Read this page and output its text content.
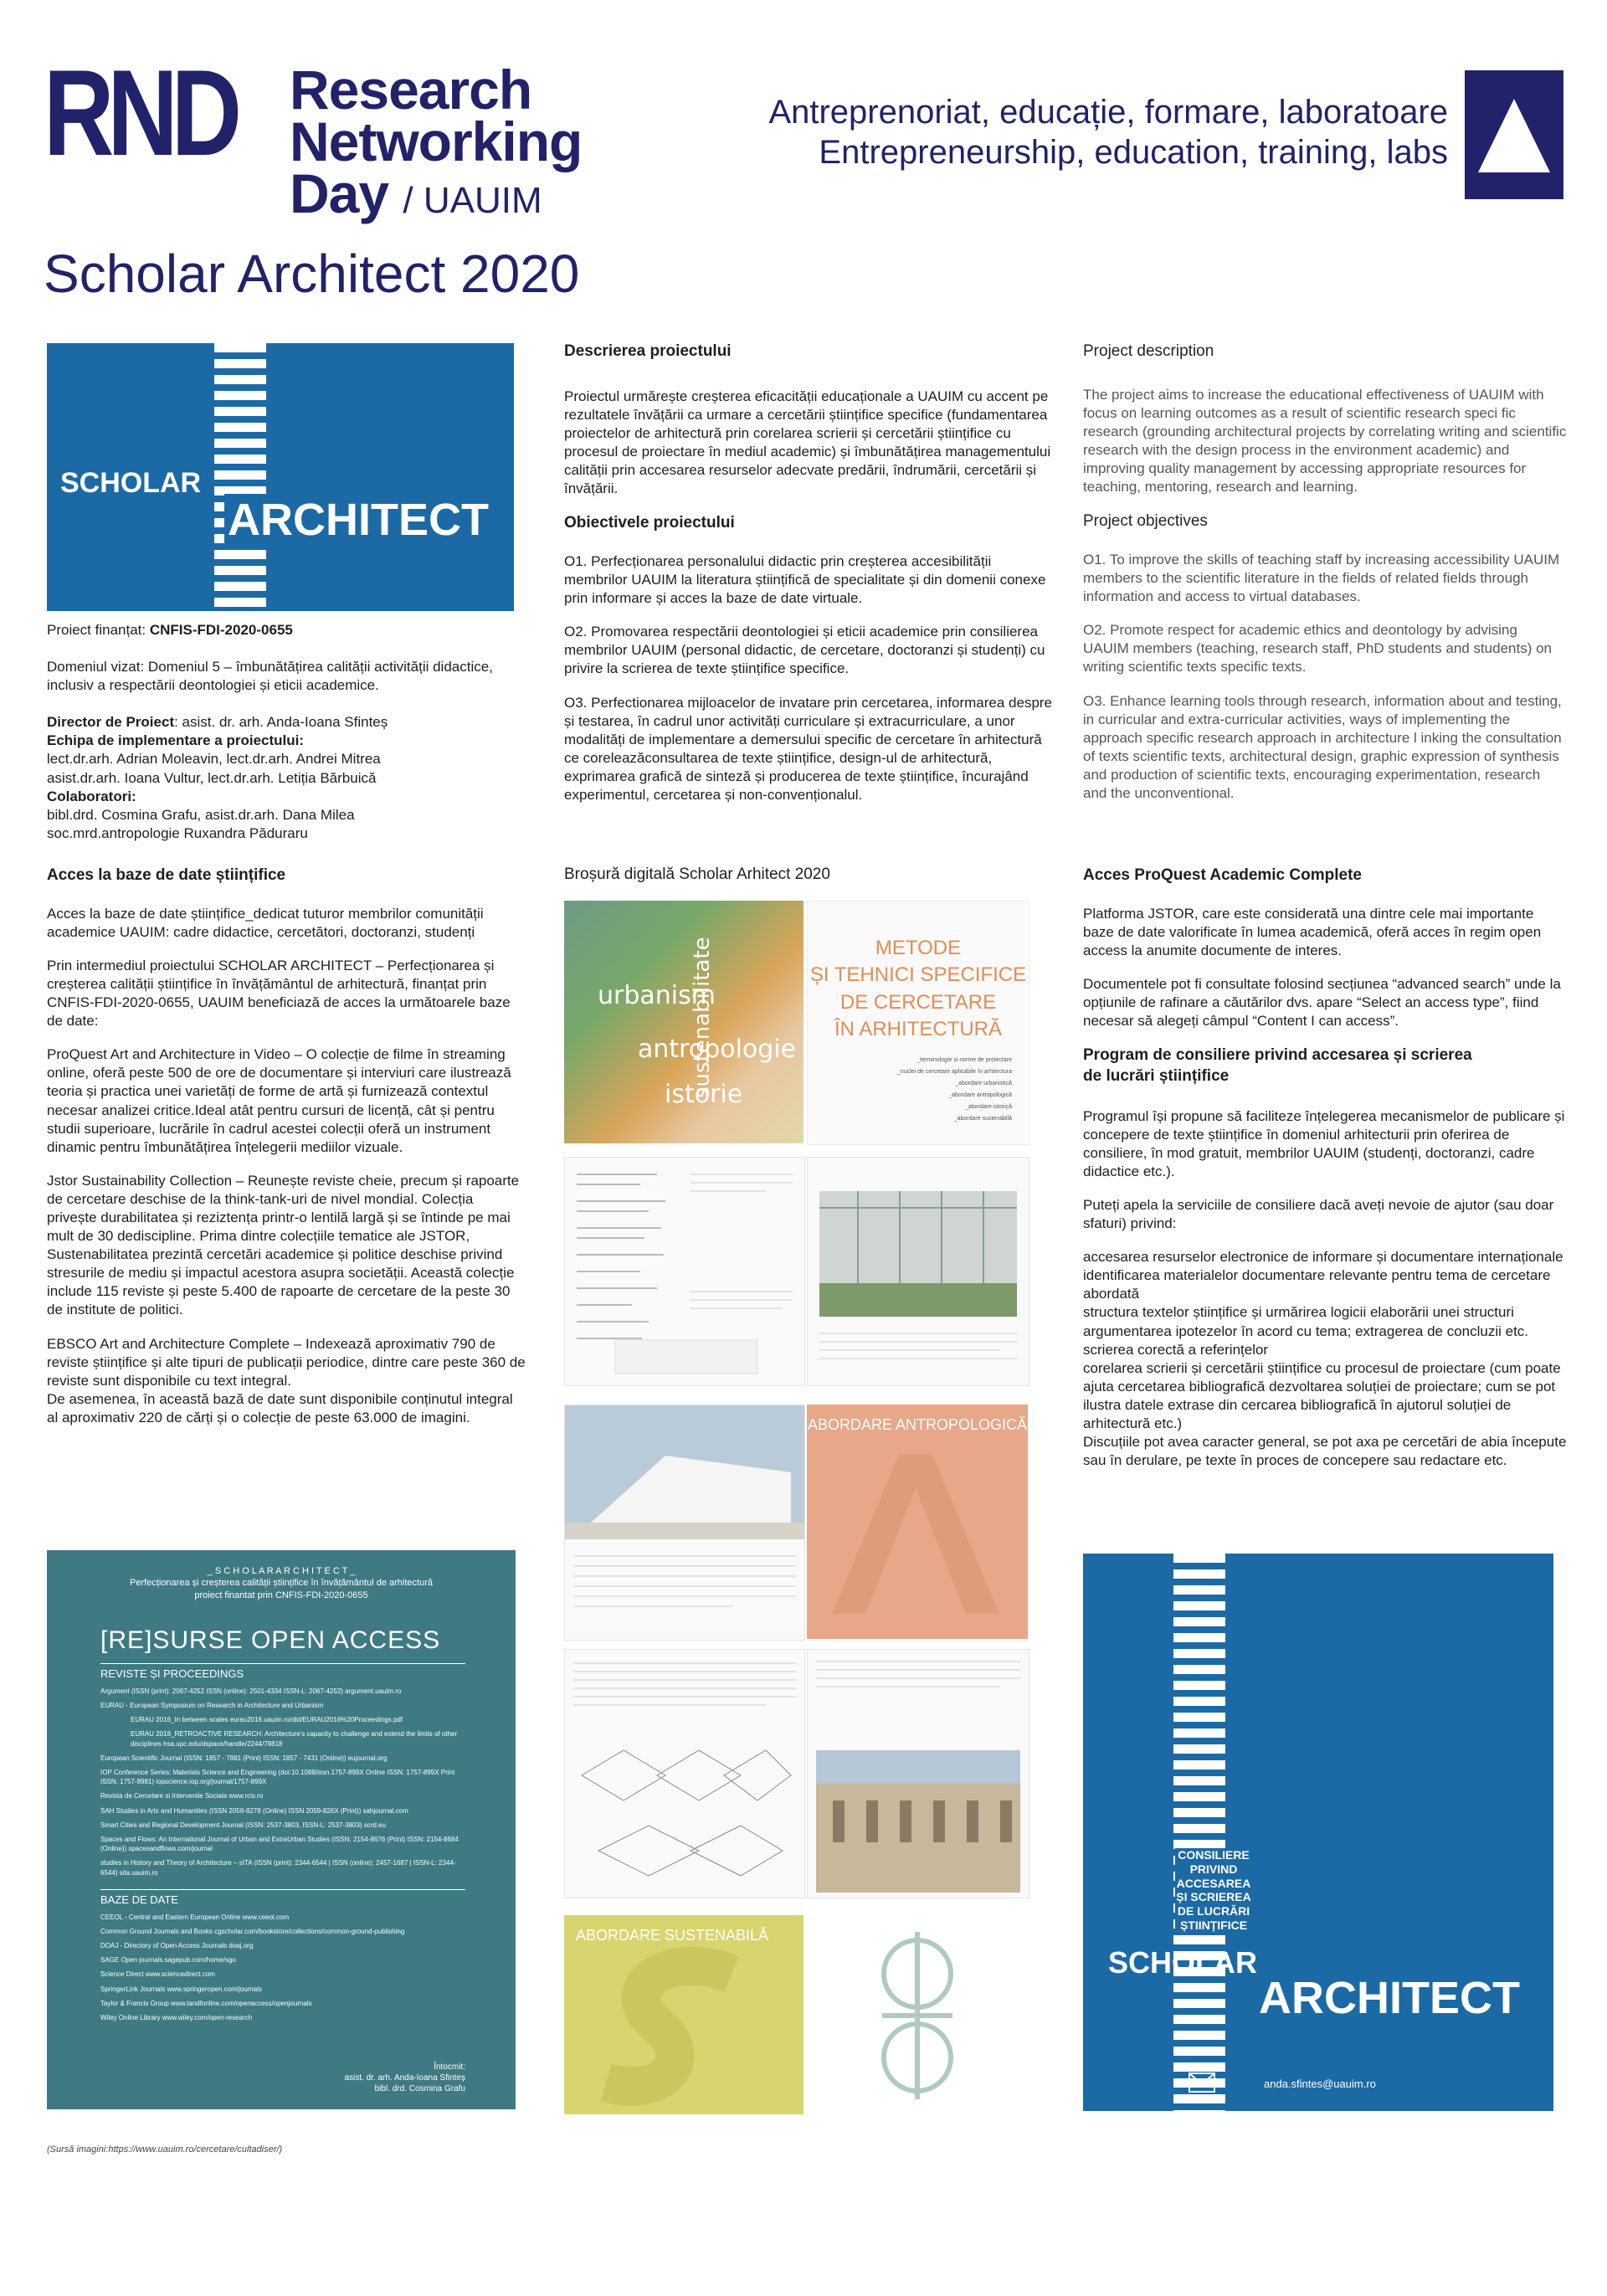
RND Research
Networking
Day / UAUIM
Antreprenoriat, educație, formare, laboratoare
Entrepreneurship, education, training, labs
Scholar Architect 2020
SCHOLAR
ARCHITECT

Proiect finanțat: CNFIS-FDI-2020-0655

Domeniul vizat: Domeniul 5 – îmbunătățirea calității activității didactice, inclusiv a respectării deontologiei și eticii academice.

Director de Proiect: asist. dr. arh. Anda-Ioana Sfinteș

Echipa de implementare a proiectului:

lect.dr.arh. Adrian Moleavin, lect.dr.arh. Andrei Mitrea

asist.dr.arh. Ioana Vultur, lect.dr.arh. Letiția Bărbuică

Colaboratori:

bibl.drd. Cosmina Grafu, asist.dr.arh. Dana Milea

soc.mrd.antropologie Ruxandra Păduraru

Descrierea proiectului

Proiectul urmărește creșterea eficacității educaționale a UAUIM cu accent pe rezultatele învățării ca urmare a cercetării științifice specifice (fundamentarea proiectelor de arhitectură prin corelarea scrierii și cercetării științifice cu procesul de proiectare în mediul academic) și îmbunătățirea managementului calității prin accesarea resurselor adecvate predării, îndrumării, cercetării și învățării.

Obiectivele proiectului

O1. Perfecționarea personalului didactic prin creșterea accesibilității membrilor UAUIM la literatura științifică de specialitate și din domenii conexe prin informare și acces la baze de date virtuale.

O2. Promovarea respectării deontologiei și eticii academice prin consilierea membrilor UAUIM (personal didactic, de cercetare, doctoranzi și studenți) cu privire la scrierea de texte științifice specifice.

O3. Perfectionarea mijloacelor de invatare prin cercetarea, informarea despre și testarea, în cadrul unor activități curriculare și extracurriculare, a unor modalități de implementare a demersului specific de cercetare în arhitectură ce coreleazăconsultarea de texte științifice, design-ul de arhitectură, exprimarea grafică de sinteză și producerea de texte științifice, încurajând experimentul, cercetarea și non-convenționalul.

Project description

The project aims to increase the educational effectiveness of UAUIM with focus on learning outcomes as a result of scientific research speci fic research (grounding architectural projects by correlating writing and scientific research with the design process in the environment academic) and improving quality management by accessing appropriate resources for teaching, mentoring, research and learning.

Project objectives

O1. To improve the skills of teaching staff by increasing accessibility UAUIM members to the scientific literature in the fields of related fields through information and access to virtual databases.

O2. Promote respect for academic ethics and deontology by advising UAUIM members (teaching, research staff, PhD students and students) on writing scientific texts specific texts.

O3. Enhance learning tools through research, information about and testing, in curricular and extra-curricular activities, ways of implementing the approach specific research approach in architecture l inking the consultation of texts scientific texts, architectural design, graphic expression of synthesis and production of scientific texts, encouraging experimentation, research and the unconventional.

Acces la baze de date științifice

Acces la baze de date științifice_dedicat tuturor membrilor comunității academice UAUIM: cadre didactice, cercetători, doctoranzi, studenți

Prin intermediul proiectului SCHOLAR ARCHITECT – Perfecționarea și creșterea calității științifice în învățământul de arhitectură, finanțat prin CNFIS-FDI-2020-0655, UAUIM beneficiază de acces la următoarele baze de date:

ProQuest Art and Architecture in Video – O colecție de filme în streaming online, oferă peste 500 de ore de documentare și interviuri care ilustrează teoria și practica unei varietăți de forme de artă și furnizează contextul necesar analizei critice.Ideal atât pentru cursuri de licență, cât și pentru studii superioare, lucrările în cadrul acestei colecții oferă un instrument dinamic pentru îmbunătățirea înțelegerii mediilor vizuale.

Jstor Sustainability Collection – Reunește reviste cheie, precum și rapoarte de cercetare deschise de la think-tank-uri de nivel mondial. Colecția privește durabilitatea și reziztența printr-o lentilă largă și se întinde pe mai mult de 30 dediscipline. Prima dintre colecțiile tematice ale JSTOR, Sustenabilitatea prezintă cercetări academice și politice deschise privind stresurile de mediu și impactul acestora asupra societății. Această colecție include 115 reviste și peste 5.400 de rapoarte de cercetare de la peste 30 de institute de politici.

EBSCO Art and Architecture Complete – Indexează aproximativ 790 de reviste științifice și alte tipuri de publicații periodice, dintre care peste 360 de reviste sunt disponibile cu text integral.

De asemenea, în această bază de date sunt disponibile conținutul integral al aproximativ 220 de cărți și o colecție de peste 63.000 de imagini.

Broșură digitală Scholar Arhitect 2020
urbanism
antropologie
istorie
sustenabilitate	METODE
ȘI TEHNICI SPECIFICE
DE CERCETARE
ÎN ARHITECTURĂ
_terminologie și norme de proiectare
_nuclei de cercetare aplicabile în arhitectura
_abordare urbanistică
_abordare antropologică
_abordare istorică
_abordare sustenabilă
ABORDARE ANTROPOLOGICĂ
ABORDARE SUSTENABILĂ

Acces ProQuest Academic Complete

Platforma JSTOR, care este considerată una dintre cele mai importante baze de date valorificate în lumea academică, oferă acces în regim open access la anumite documente de interes.

Documentele pot fi consultate folosind secțiunea “advanced search” unde la opțiunile de rafinare a căutărilor dvs. apare “Select an access type”, fiind necesar să alegeți câmpul “Content I can access”.

Program de consiliere privind accesarea și scrierea
de lucrări științifice

Programul își propune să faciliteze înțelegerea mecanismelor de publicare și concepere de texte științifice în domeniul arhitecturii prin oferirea de consiliere, în mod gratuit, membrilor UAUIM (studenți, doctoranzi, cadre didactice etc.).

Puteți apela la serviciile de consiliere dacă aveți nevoie de ajutor (sau doar sfaturi) privind:

accesarea resurselor electronice de informare și documentare internaționale
identificarea materialelor documentare relevante pentru tema de cercetare abordată
structura textelor științifice și urmărirea logicii elaborării unei structuri argumentarea ipotezelor în acord cu tema; extragerea de concluzii etc.
scrierea corectă a referințelor
corelarea scrierii și cercetării științifice cu procesul de proiectare (cum poate ajuta cercetarea bibliografică dezvoltarea soluției de proiectare; cum se pot ilustra datele extrase din cercarea bibliografică în ajutorul soluției de arhitectură etc.)
Discuțiile pot avea caracter general, se pot axa pe cercetări de abia începute sau în derulare, pe texte în proces de concepere sau redactare etc.
_ S C H O L A R A R C H I T E C T _
Perfecționarea și creșterea calității științifice în învățământul de arhitectură
proiect finantat prin CNFIS-FDI-2020-0655
[RE]SURSE OPEN ACCESS
REVISTE ȘI PROCEEDINGS
Argument (ISSN (print): 2067-4252 ISSN (online): 2501-4334 ISSN-L: 2067-4252) argument.uauim.ro
EURAU - European Symposium on Research in Architecture and Urbanism
EURAU 2016_In between scales eurau2016.uauim.ro/dld/EURAU2016%20Proceedings.pdf
EURAU 2018_RETROACTIVE RESEARCH: Architecture's capacity to challenge and extend the limits of other disciplines hsa.upc.edu/dspace/handle/2244/79818
European Scientific Journal (ISSN: 1857 - 7881 (Print) ISSN: 1857 - 7431 (Online)) eujournal.org
IOP Conference Series: Materials Science and Engineering (doi:10.1088/issn.1757-899X Online ISSN: 1757-899X Print ISSN: 1757-8981) iopscience.iop.org/journal/1757-899X
Revista de Cercetare si Interventie Sociala www.rcis.ro
SAH Studies in Arts and Humanities (ISSN 2059-8278 (Online) ISSN 2059-826X (Print)) sahjournal.com
Smart Cities and Regional Development Journal (ISSN: 2537-3803, ISSN-L: 2537-3803) scrd.eu
Spaces and Flows: An International Journal of Urban and ExtraUrban Studies (ISSN: 2154-8676 (Print) ISSN: 2154-8684 (Online)) spacesandflows.com/journal
studies in History and Theory of Architecture – sITA (ISSN (print): 2344-6544 | ISSN (online): 2457-1687 | ISSN-L: 2344-6544) sita.uauim.ro
BAZE DE DATE
CEEOL - Central and Eastern European Online www.ceeol.com
Common Ground Journals and Books cgscholar.com/bookstore/collections/common-ground-publishing
DOAJ - Directory of Open Access Journals doaj.org
SAGE Open journals.sagepub.com/home/sgo
Science Direct www.sciencedirect.com
SpringerLink Journals www.springeropen.com/journals
Taylor & Francis Group www.tandfonline.com/openaccess/openjournals
Wiley Online Library www.wiley.com/open-research
Întocmit:
asist. dr. arh. Anda-Ioana Sfinteș
bibl. drd. Cosmina Grafu
CONSILIERE
PRIVIND
ACCESAREA
ȘI SCRIEREA
DE LUCRĂRI
ȘTIINȚIFICE
SCHOLAR
ARCHITECT
anda.sfintes@uauim.ro
(Sursă imagini:https://www.uauim.ro/cercetare/cultadiser/)
